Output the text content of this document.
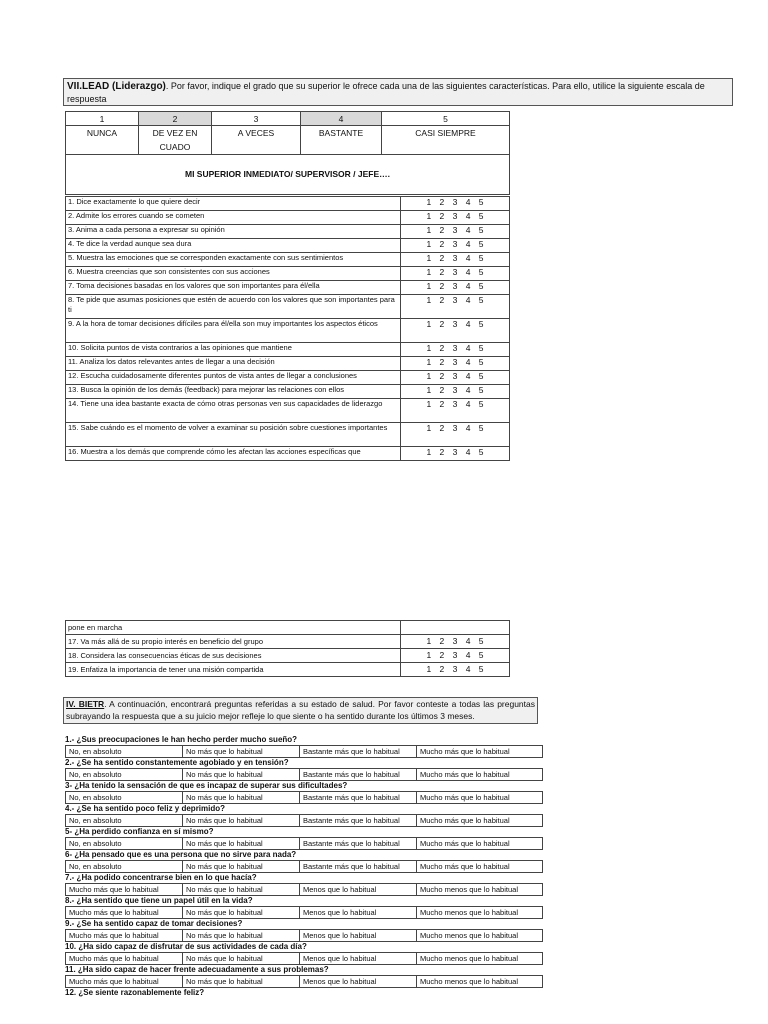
VII.LEAD (Liderazgo). Por favor, indique el grado que su superior le ofrece cada una de las siguientes características. Para ello, utilice la siguiente escala de respuesta
1	2	3	4	5
NUNCA	DE VEZ EN CUADO	A VECES	BASTANTE	CASI SIEMPRE
MI SUPERIOR INMEDIATO/ SUPERVISOR / JEFE….
1. Dice exactamente lo que quiere decir	1 2 3 4 5
2. Admite los errores cuando se cometen	1 2 3 4 5
3. Anima a cada persona a expresar su opinión	1 2 3 4 5
4. Te dice la verdad aunque sea dura	1 2 3 4 5
5. Muestra las emociones que se corresponden exactamente con sus sentimientos	1 2 3 4 5
6. Muestra creencias que son consistentes con sus acciones	1 2 3 4 5
7. Toma decisiones basadas en los valores que son importantes para él/ella	1 2 3 4 5
8. Te pide que asumas posiciones que estén de acuerdo con los valores que son importantes para ti	1 2 3 4 5
9. A la hora de tomar decisiones difíciles para él/ella son muy importantes los aspectos éticos	1 2 3 4 5
10. Solicita puntos de vista contrarios a las opiniones que mantiene	1 2 3 4 5
11. Analiza los datos relevantes antes de llegar a una decisión	1 2 3 4 5
12. Escucha cuidadosamente diferentes puntos de vista antes de llegar a conclusiones	1 2 3 4 5
13. Busca la opinión de los demás (feedback) para mejorar las relaciones con ellos	1 2 3 4 5
14. Tiene una idea bastante exacta de cómo otras personas ven sus capacidades de liderazgo	1 2 3 4 5
15. Sabe cuándo es el momento de volver a examinar su posición sobre cuestiones importantes	1 2 3 4 5
16. Muestra a los demás que comprende cómo les afectan las acciones específicas que	1 2 3 4 5
pone en marcha	
17. Va más allá de su propio interés en beneficio del grupo	1 2 3 4 5
18. Considera las consecuencias éticas de sus decisiones	1 2 3 4 5
19. Enfatiza la importancia de tener una misión compartida	1 2 3 4 5
IV. BIETR. A continuación, encontrará preguntas referidas a su estado de salud. Por favor conteste a todas las preguntas subrayando la respuesta que a su juicio mejor refleje lo que siente o ha sentido durante los últimos 3 meses.
1.- ¿Sus preocupaciones le han hecho perder mucho sueño?
No, en absoluto	No más que lo habitual	Bastante más que lo habitual	Mucho más que lo habitual
2.- ¿Se ha sentido constantemente agobiado y en tensión?
No, en absoluto	No más que lo habitual	Bastante más que lo habitual	Mucho más que lo habitual
3- ¿Ha tenido la sensación de que es incapaz de superar sus dificultades?
No, en absoluto	No más que lo habitual	Bastante más que lo habitual	Mucho más que lo habitual
4.- ¿Se ha sentido poco feliz y deprimido?
No, en absoluto	No más que lo habitual	Bastante más que lo habitual	Mucho más que lo habitual
5- ¿Ha perdido confianza en sí mismo?
No, en absoluto	No más que lo habitual	Bastante más que lo habitual	Mucho más que lo habitual
6- ¿Ha pensado que es una persona que no sirve para nada?
No, en absoluto	No más que lo habitual	Bastante más que lo habitual	Mucho más que lo habitual
7.- ¿Ha podido concentrarse bien en lo que hacía?
Mucho más que lo habitual	No más que lo habitual	Menos que lo habitual	Mucho menos que lo habitual
8.- ¿Ha sentido que tiene un papel útil en la vida?
Mucho más que lo habitual	No más que lo habitual	Menos que lo habitual	Mucho menos que lo habitual
9.- ¿Se ha sentido capaz de tomar decisiones?
Mucho más que lo habitual	No más que lo habitual	Menos que lo habitual	Mucho menos que lo habitual
10. ¿Ha sido capaz de disfrutar de sus actividades de cada día?
Mucho más que lo habitual	No más que lo habitual	Menos que lo habitual	Mucho menos que lo habitual
11. ¿Ha sido capaz de hacer frente adecuadamente a sus problemas?
Mucho más que lo habitual	No más que lo habitual	Menos que lo habitual	Mucho menos que lo habitual
12. ¿Se siente razonablemente feliz?
